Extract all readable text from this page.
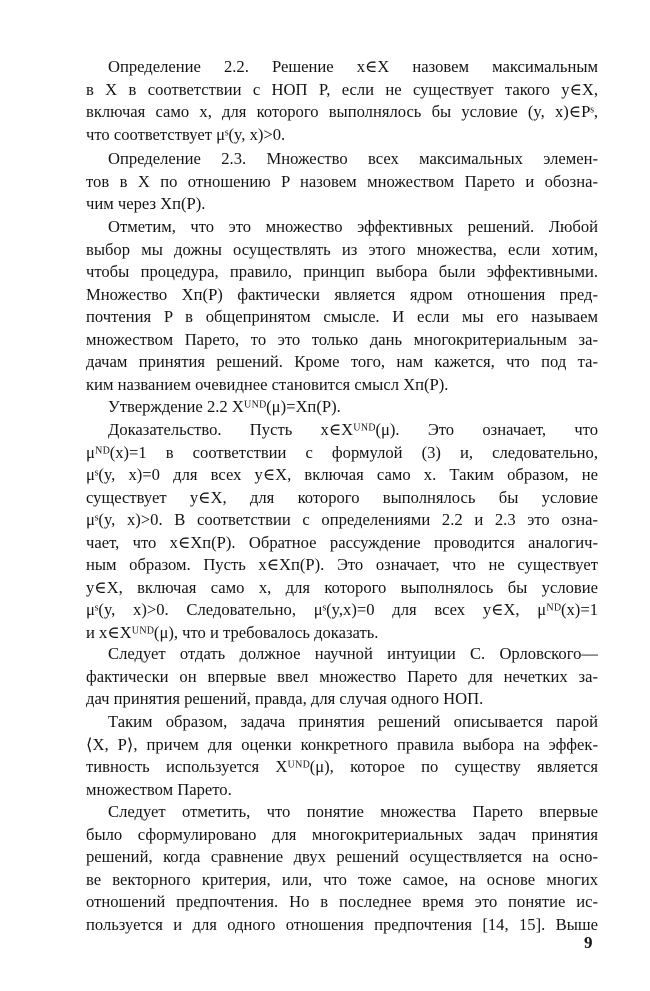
Определение 2.2. Решение x∈X назовем максимальным
в X в соответствии с НОП P, если не существует такого y∈X,
включая само x, для которого выполнялось бы условие (y, x)∈Pˢ,
что соответствует μˢ(y, x)>0.
Определение 2.3. Множество всех максимальных элемен-
тов в X по отношению P назовем множеством Парето и обозна-
чим через Xп(P).
Отметим, что это множество эффективных решений. Любой
выбор мы дожны осуществлять из этого множества, если хотим,
чтобы процедура, правило, принцип выбора были эффективными.
Множество Xп(P) фактически является ядром отношения пред-
почтения P в общепринятом смысле. И если мы его называем
множеством Парето, то это только дань многокритериальным за-
дачам принятия решений. Кроме того, нам кажется, что под та-
ким названием очевиднее становится смысл Xп(P).
Утверждение 2.2 Xᵁᴺᴰ(μ)=Xп(P).
Доказательство. Пусть x∈Xᵁᴺᴰ(μ). Это означает, что
μᴺᴰ(x)=1 в соответствии с формулой (3) и, следовательно,
μˢ(y, x)=0 для всех y∈X, включая само x. Таким образом, не
существует y∈X, для которого выполнялось бы условие
μˢ(y, x)>0. В соответствии с определениями 2.2 и 2.3 это озна-
чает, что x∈Xп(P). Обратное рассуждение проводится аналогич-
ным образом. Пусть x∈Xп(P). Это означает, что не существует
y∈X, включая само x, для которого выполнялось бы условие
μˢ(y, x)>0. Следовательно, μˢ(y,x)=0 для всех y∈X, μᴺᴰ(x)=1
и x∈Xᵁᴺᴰ(μ), что и требовалось доказать.
Следует отдать должное научной интуиции С. Орловского—
фактически он впервые ввел множество Парето для нечетких за-
дач принятия решений, правда, для случая одного НОП.
Таким образом, задача принятия решений описывается парой
⟨X, P⟩, причем для оценки конкретного правила выбора на эффек-
тивность используется Xᵁᴺᴰ(μ), которое по существу является
множеством Парето.
Следует отметить, что понятие множества Парето впервые
было сформулировано для многокритериальных задач принятия
решений, когда сравнение двух решений осуществляется на осно-
ве векторного критерия, или, что тоже самое, на основе многих
отношений предпочтения. Но в последнее время это понятие ис-
пользуется и для одного отношения предпочтения [14, 15]. Выше
9
